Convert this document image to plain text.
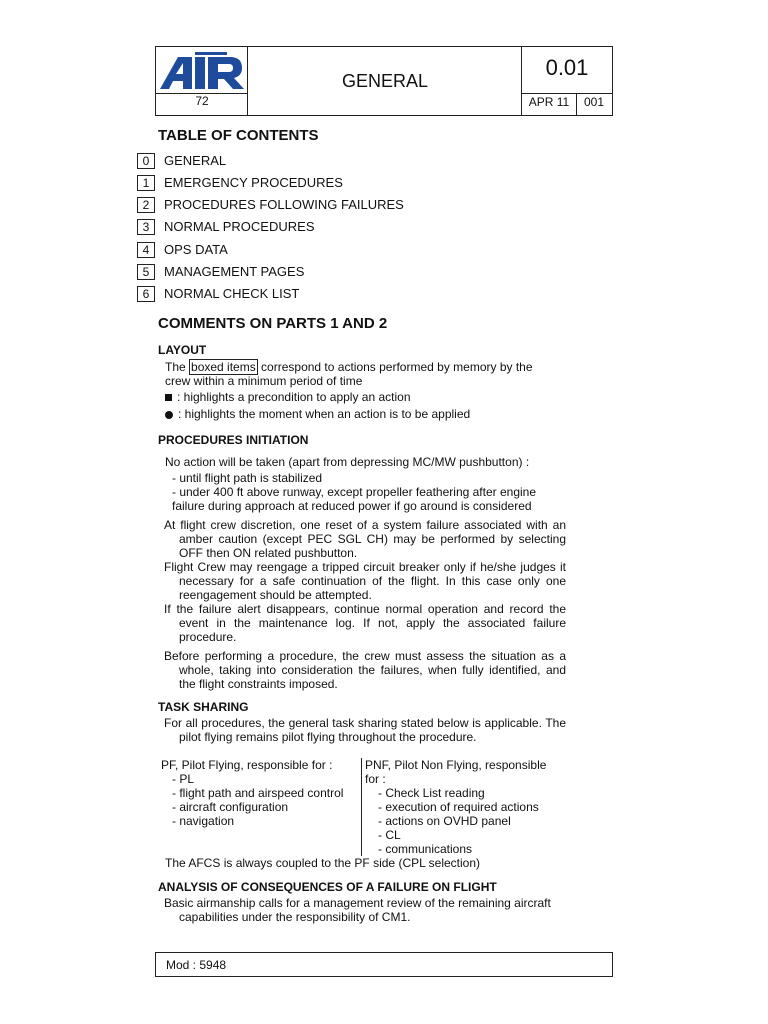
72
GENERAL
0.01
APR 11	001
TABLE OF CONTENTS
0	GENERAL
1	EMERGENCY PROCEDURES
2	PROCEDURES FOLLOWING FAILURES
3	NORMAL PROCEDURES
4	OPS DATA
5	MANAGEMENT PAGES
6	NORMAL CHECK LIST
COMMENTS ON PARTS 1 AND 2
LAYOUT
The boxed items correspond to actions performed by memory by the
crew within a minimum period of time
: highlights a precondition to apply an action
: highlights the moment when an action is to be applied
PROCEDURES INITIATION
No action will be taken (apart from depressing MC/MW pushbutton) :
- until flight path is stabilized
- under 400 ft above runway, except propeller feathering after engine
failure during approach at reduced power if go around is considered
At flight crew discretion, one reset of a system failure associated with an amber caution (except PEC SGL CH) may be performed by selecting OFF then ON related pushbutton.
Flight Crew may reengage a tripped circuit breaker only if he/she judges it necessary for a safe continuation of the flight. In this case only one reengagement should be attempted.
If the failure alert disappears, continue normal operation and record the event in the maintenance log. If not, apply the associated failure procedure.
Before performing a procedure, the crew must assess the situation as a whole, taking into consideration the failures, when fully identified, and the flight constraints imposed.
TASK SHARING
For all procedures, the general task sharing stated below is applicable. The pilot flying remains pilot flying throughout the procedure.
PF, Pilot Flying, responsible for :
- PL
- flight path and airspeed control
- aircraft configuration
- navigation
PNF, Pilot Non Flying, responsible
for :
- Check List reading
- execution of required actions
- actions on OVHD panel
- CL
- communications
The AFCS is always coupled to the PF side (CPL selection)
ANALYSIS OF CONSEQUENCES OF A FAILURE ON FLIGHT
Basic airmanship calls for a management review of the remaining aircraft capabilities under the responsibility of CM1.
Mod : 5948
